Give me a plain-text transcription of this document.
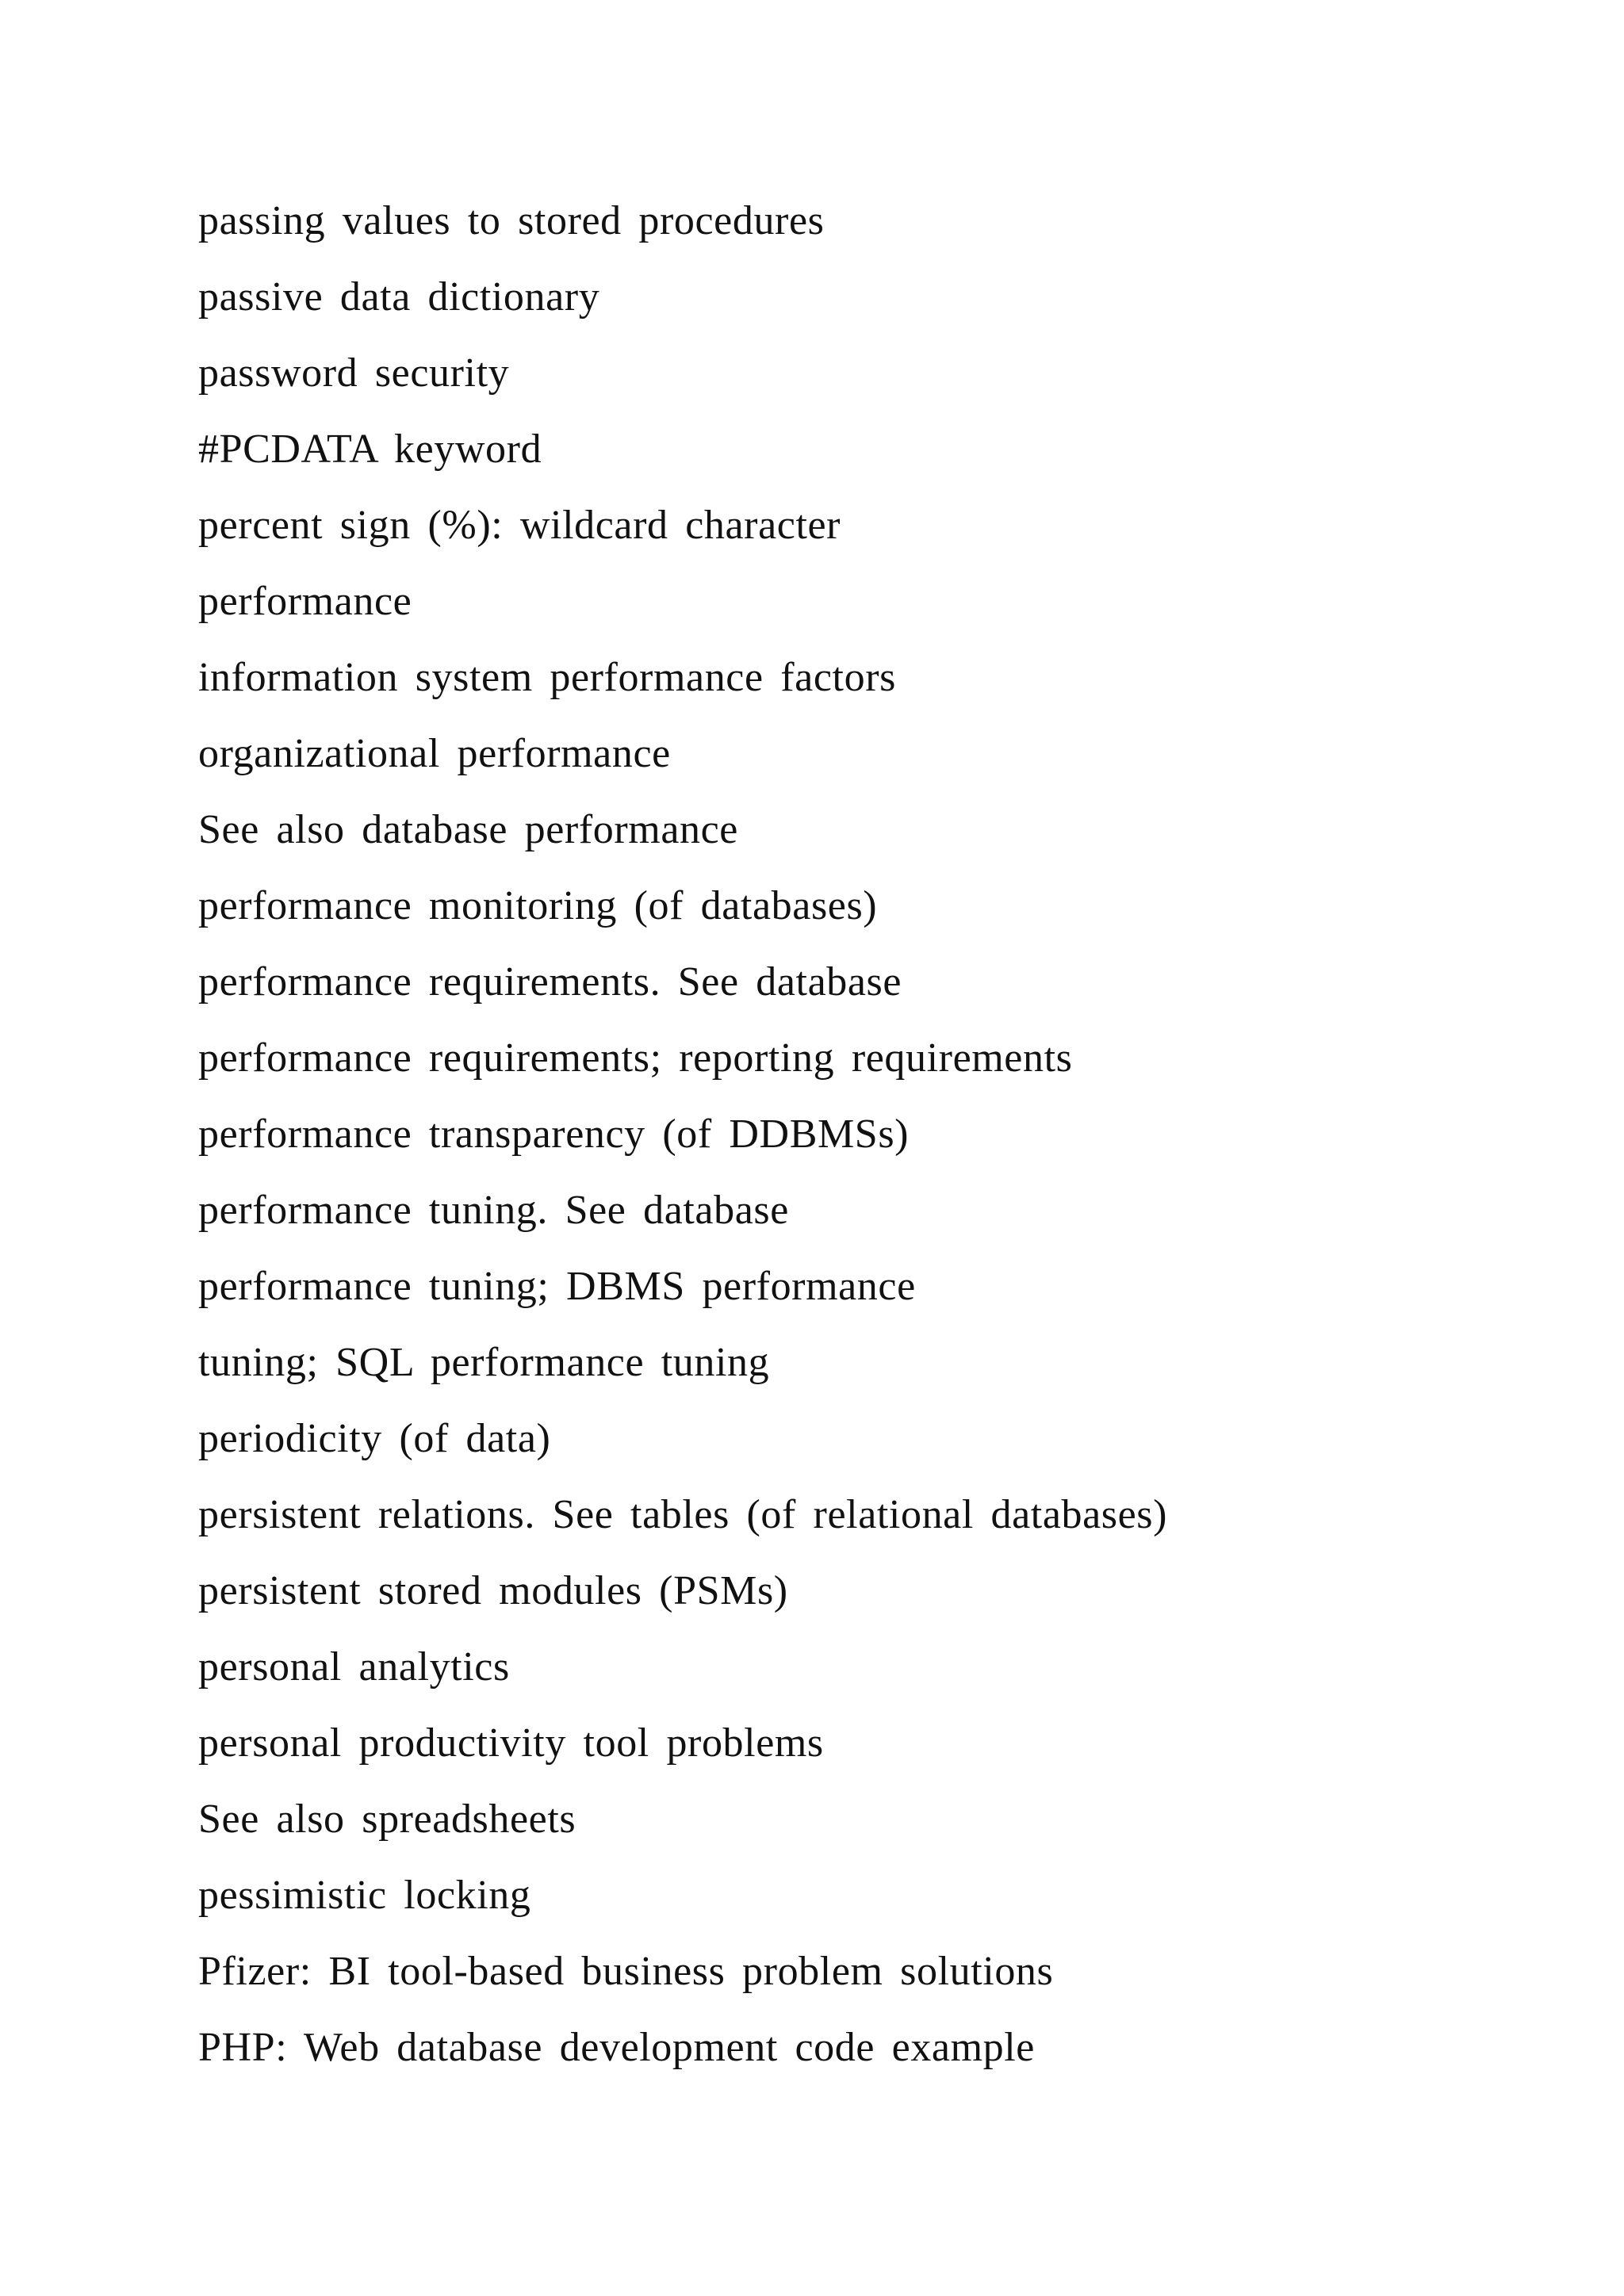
passing values to stored procedures
passive data dictionary
password security
#PCDATA keyword
percent sign (%): wildcard character
performance
information system performance factors
organizational performance
See also database performance
performance monitoring (of databases)
performance requirements. See database
performance requirements; reporting requirements
performance transparency (of DDBMSs)
performance tuning. See database
performance tuning; DBMS performance
tuning; SQL performance tuning
periodicity (of data)
persistent relations. See tables (of relational databases)
persistent stored modules (PSMs)
personal analytics
personal productivity tool problems
See also spreadsheets
pessimistic locking
Pfizer: BI tool-based business problem solutions
PHP: Web database development code example
